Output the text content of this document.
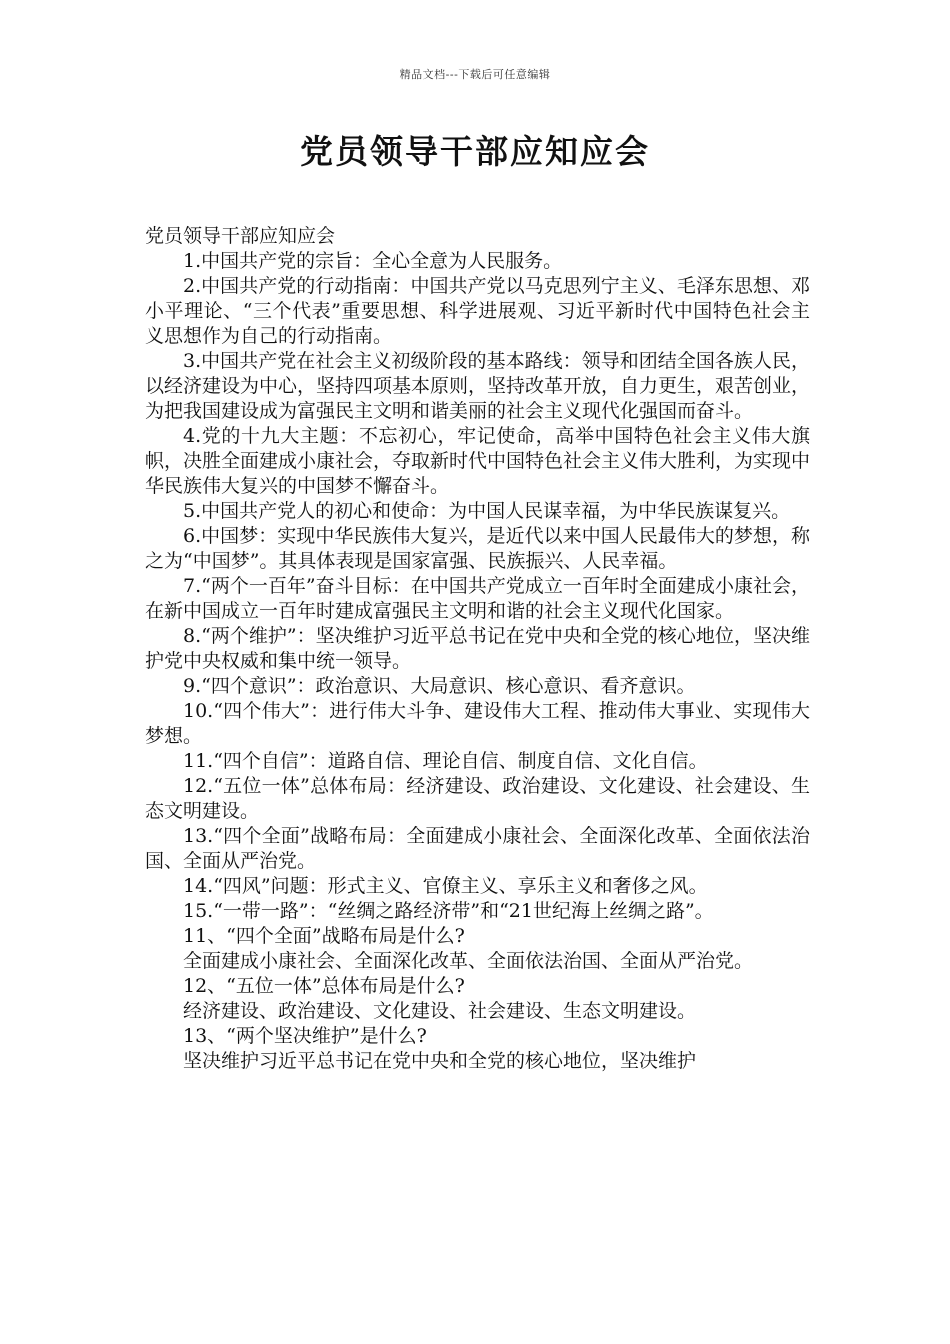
精品文档---下载后可任意编辑
党员领导干部应知应会

党员领导干部应知应会

1.中国共产党的宗旨：全心全意为人民服务。

2.中国共产党的行动指南：中国共产党以马克思列宁主义、毛泽东思想、邓小平理论、“三个代表”重要思想、科学进展观、习近平新时代中国特色社会主义思想作为自己的行动指南。

3.中国共产党在社会主义初级阶段的基本路线：领导和团结全国各族人民，以经济建设为中心，坚持四项基本原则，坚持改革开放，自力更生，艰苦创业，为把我国建设成为富强民主文明和谐美丽的社会主义现代化强国而奋斗。

4.党的十九大主题：不忘初心，牢记使命，高举中国特色社会主义伟大旗帜，决胜全面建成小康社会，夺取新时代中国特色社会主义伟大胜利，为实现中华民族伟大复兴的中国梦不懈奋斗。

5.中国共产党人的初心和使命：为中国人民谋幸福，为中华民族谋复兴。

6.中国梦：实现中华民族伟大复兴，是近代以来中国人民最伟大的梦想，称之为“中国梦”。其具体表现是国家富强、民族振兴、人民幸福。

7.“两个一百年”奋斗目标：在中国共产党成立一百年时全面建成小康社会，在新中国成立一百年时建成富强民主文明和谐的社会主义现代化国家。

8.“两个维护”：坚决维护习近平总书记在党中央和全党的核心地位，坚决维护党中央权威和集中统一领导。

9.“四个意识”：政治意识、大局意识、核心意识、看齐意识。

10.“四个伟大”：进行伟大斗争、建设伟大工程、推动伟大事业、实现伟大梦想。

11.“四个自信”：道路自信、理论自信、制度自信、文化自信。

12.“五位一体”总体布局：经济建设、政治建设、文化建设、社会建设、生态文明建设。

13.“四个全面”战略布局：全面建成小康社会、全面深化改革、全面依法治国、全面从严治党。

14.“四风”问题：形式主义、官僚主义、享乐主义和奢侈之风。

15.“一带一路”：“丝绸之路经济带”和“21世纪海上丝绸之路”。

11、“四个全面”战略布局是什么?

全面建成小康社会、全面深化改革、全面依法治国、全面从严治党。

12、“五位一体”总体布局是什么?

经济建设、政治建设、文化建设、社会建设、生态文明建设。

13、“两个坚决维护”是什么?

坚决维护习近平总书记在党中央和全党的核心地位，坚决维护
